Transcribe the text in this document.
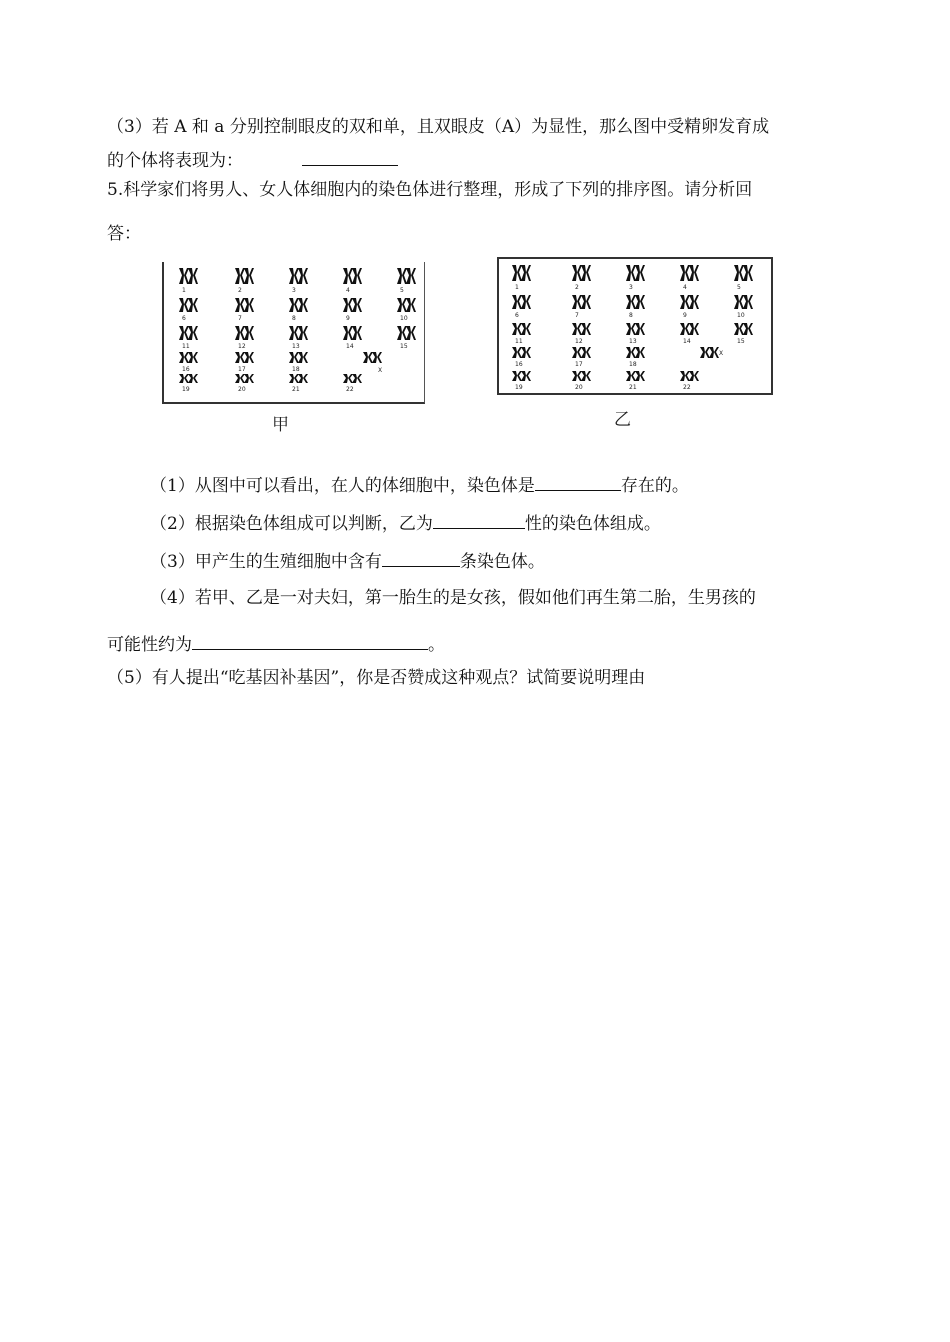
（3）若 A 和 a 分别控制眼皮的双和单，且双眼皮（A）为显性，那么图中受精卵发育成
的个体将表现为：
5.科学家们将男人、女人体细胞内的染色体进行整理，形成了下列的排序图。请分析回
答：
1	2	3	4	5
6	7	8	9	10
11	12	13	14	15
16	17	18
19	20	21	22
X
甲
1	2	3	4	5
6	7	8	9	10
11	12	13	14	15
16	17	18
19	20	21	22
X
乙
（1）从图中可以看出，在人的体细胞中，染色体是	存在的。
（2）根据染色体组成可以判断，乙为	性的染色体组成。
（3）甲产生的生殖细胞中含有	条染色体。
（4）若甲、乙是一对夫妇，第一胎生的是女孩，假如他们再生第二胎，生男孩的
可能性约为	。
（5）有人提出“吃基因补基因”，你是否赞成这种观点？试简要说明理由
